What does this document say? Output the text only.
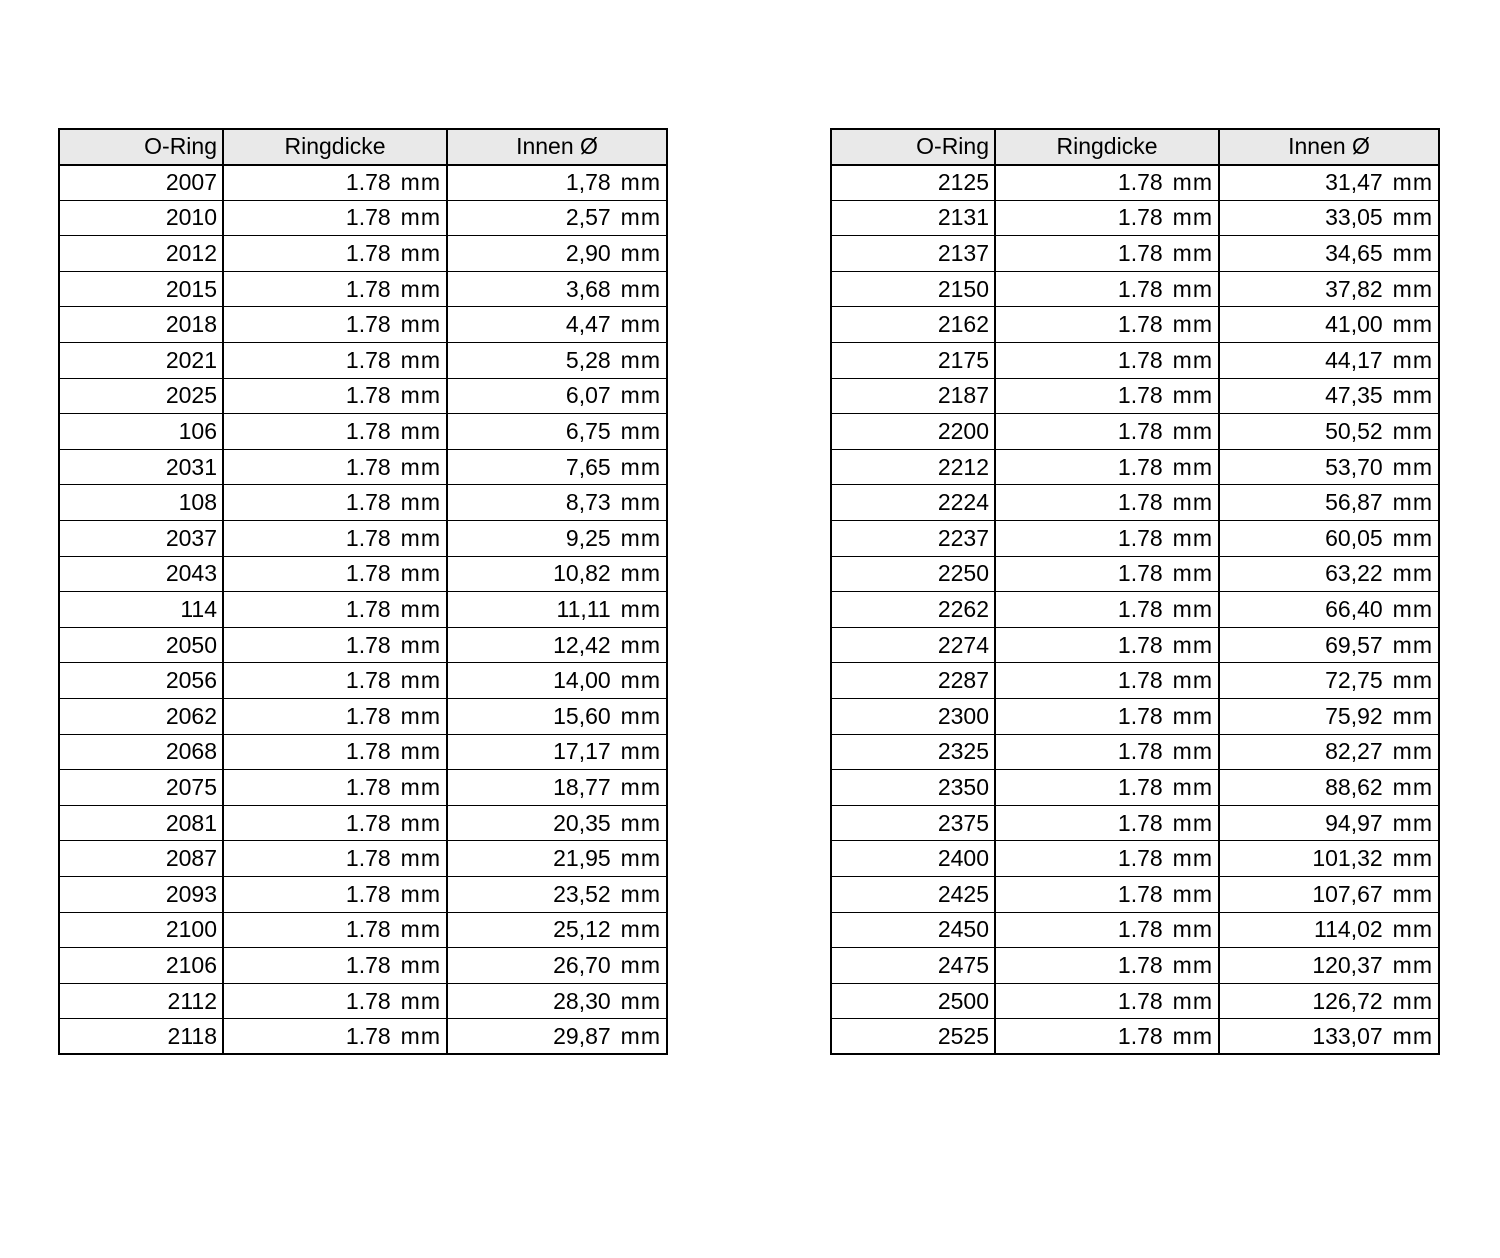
O-Ring	Ringdicke	Innen Ø
2007	1.78 mm	1,78 mm
2010	1.78 mm	2,57 mm
2012	1.78 mm	2,90 mm
2015	1.78 mm	3,68 mm
2018	1.78 mm	4,47 mm
2021	1.78 mm	5,28 mm
2025	1.78 mm	6,07 mm
106	1.78 mm	6,75 mm
2031	1.78 mm	7,65 mm
108	1.78 mm	8,73 mm
2037	1.78 mm	9,25 mm
2043	1.78 mm	10,82 mm
114	1.78 mm	11,11 mm
2050	1.78 mm	12,42 mm
2056	1.78 mm	14,00 mm
2062	1.78 mm	15,60 mm
2068	1.78 mm	17,17 mm
2075	1.78 mm	18,77 mm
2081	1.78 mm	20,35 mm
2087	1.78 mm	21,95 mm
2093	1.78 mm	23,52 mm
2100	1.78 mm	25,12 mm
2106	1.78 mm	26,70 mm
2112	1.78 mm	28,30 mm
2118	1.78 mm	29,87 mm
O-Ring	Ringdicke	Innen Ø
2125	1.78 mm	31,47 mm
2131	1.78 mm	33,05 mm
2137	1.78 mm	34,65 mm
2150	1.78 mm	37,82 mm
2162	1.78 mm	41,00 mm
2175	1.78 mm	44,17 mm
2187	1.78 mm	47,35 mm
2200	1.78 mm	50,52 mm
2212	1.78 mm	53,70 mm
2224	1.78 mm	56,87 mm
2237	1.78 mm	60,05 mm
2250	1.78 mm	63,22 mm
2262	1.78 mm	66,40 mm
2274	1.78 mm	69,57 mm
2287	1.78 mm	72,75 mm
2300	1.78 mm	75,92 mm
2325	1.78 mm	82,27 mm
2350	1.78 mm	88,62 mm
2375	1.78 mm	94,97 mm
2400	1.78 mm	101,32 mm
2425	1.78 mm	107,67 mm
2450	1.78 mm	114,02 mm
2475	1.78 mm	120,37 mm
2500	1.78 mm	126,72 mm
2525	1.78 mm	133,07 mm
